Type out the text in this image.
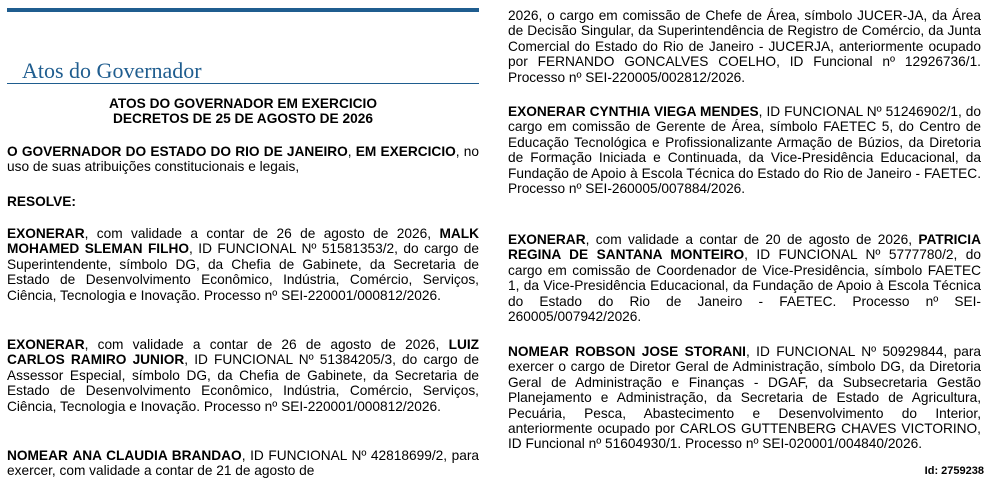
Atos do Governador
ATOS DO GOVERNADOR EM EXERCICIO
DECRETOS DE 25 DE AGOSTO DE 2026
O GOVERNADOR DO ESTADO DO RIO DE JANEIRO, EM EXERCICIO, no uso de suas atribuições constitucionais e legais,
RESOLVE:
EXONERAR, com validade a contar de 26 de agosto de 2026, MALK MOHAMED SLEMAN FILHO, ID FUNCIONAL Nº 51581353/2, do cargo de Superintendente, símbolo DG, da Chefia de Gabinete, da Secretaria de Estado de Desenvolvimento Econômico, Indústria, Comércio, Serviços, Ciência, Tecnologia e Inovação. Processo nº SEI-220001/000812/2026.
EXONERAR, com validade a contar de 26 de agosto de 2026, LUIZ CARLOS RAMIRO JUNIOR, ID FUNCIONAL Nº 51384205/3, do cargo de Assessor Especial, símbolo DG, da Chefia de Gabinete, da Secretaria de Estado de Desenvolvimento Econômico, Indústria, Comércio, Serviços, Ciência, Tecnologia e Inovação. Processo nº SEI-220001/000812/2026.
NOMEAR ANA CLAUDIA BRANDAO, ID FUNCIONAL Nº 42818699/2, para exercer, com validade a contar de 21 de agosto de
2026, o cargo em comissão de Chefe de Área, símbolo JUCER-JA, da Área de Decisão Singular, da Superintendência de Registro de Comércio, da Junta Comercial do Estado do Rio de Janeiro - JUCERJA, anteriormente ocupado por FERNANDO GONCALVES COELHO, ID Funcional nº 12926736/1. Processo nº SEI-220005/002812/2026.
EXONERAR CYNTHIA VIEGA MENDES, ID FUNCIONAL Nº 51246902/1, do cargo em comissão de Gerente de Área, símbolo FAETEC 5, do Centro de Educação Tecnológica e Profissionalizante Armação de Búzios, da Diretoria de Formação Iniciada e Continuada, da Vice-Presidência Educacional, da Fundação de Apoio à Escola Técnica do Estado do Rio de Janeiro - FAETEC. Processo nº SEI-260005/007884/2026.
EXONERAR, com validade a contar de 20 de agosto de 2026, PATRICIA REGINA DE SANTANA MONTEIRO, ID FUNCIONAL Nº 5777780/2, do cargo em comissão de Coordenador de Vice-Presidência, símbolo FAETEC 1, da Vice-Presidência Educacional, da Fundação de Apoio à Escola Técnica do Estado do Rio de Janeiro - FAETEC. Processo nº SEI-260005/007942/2026.
NOMEAR ROBSON JOSE STORANI, ID FUNCIONAL Nº 50929844, para exercer o cargo de Diretor Geral de Administração, símbolo DG, da Diretoria Geral de Administração e Finanças - DGAF, da Subsecretaria Gestão Planejamento e Administração, da Secretaria de Estado de Agricultura, Pecuária, Pesca, Abastecimento e Desenvolvimento do Interior, anteriormente ocupado por CARLOS GUTTENBERG CHAVES VICTORINO, ID Funcional nº 51604930/1. Processo nº SEI-020001/004840/2026.
Id: 2759238
